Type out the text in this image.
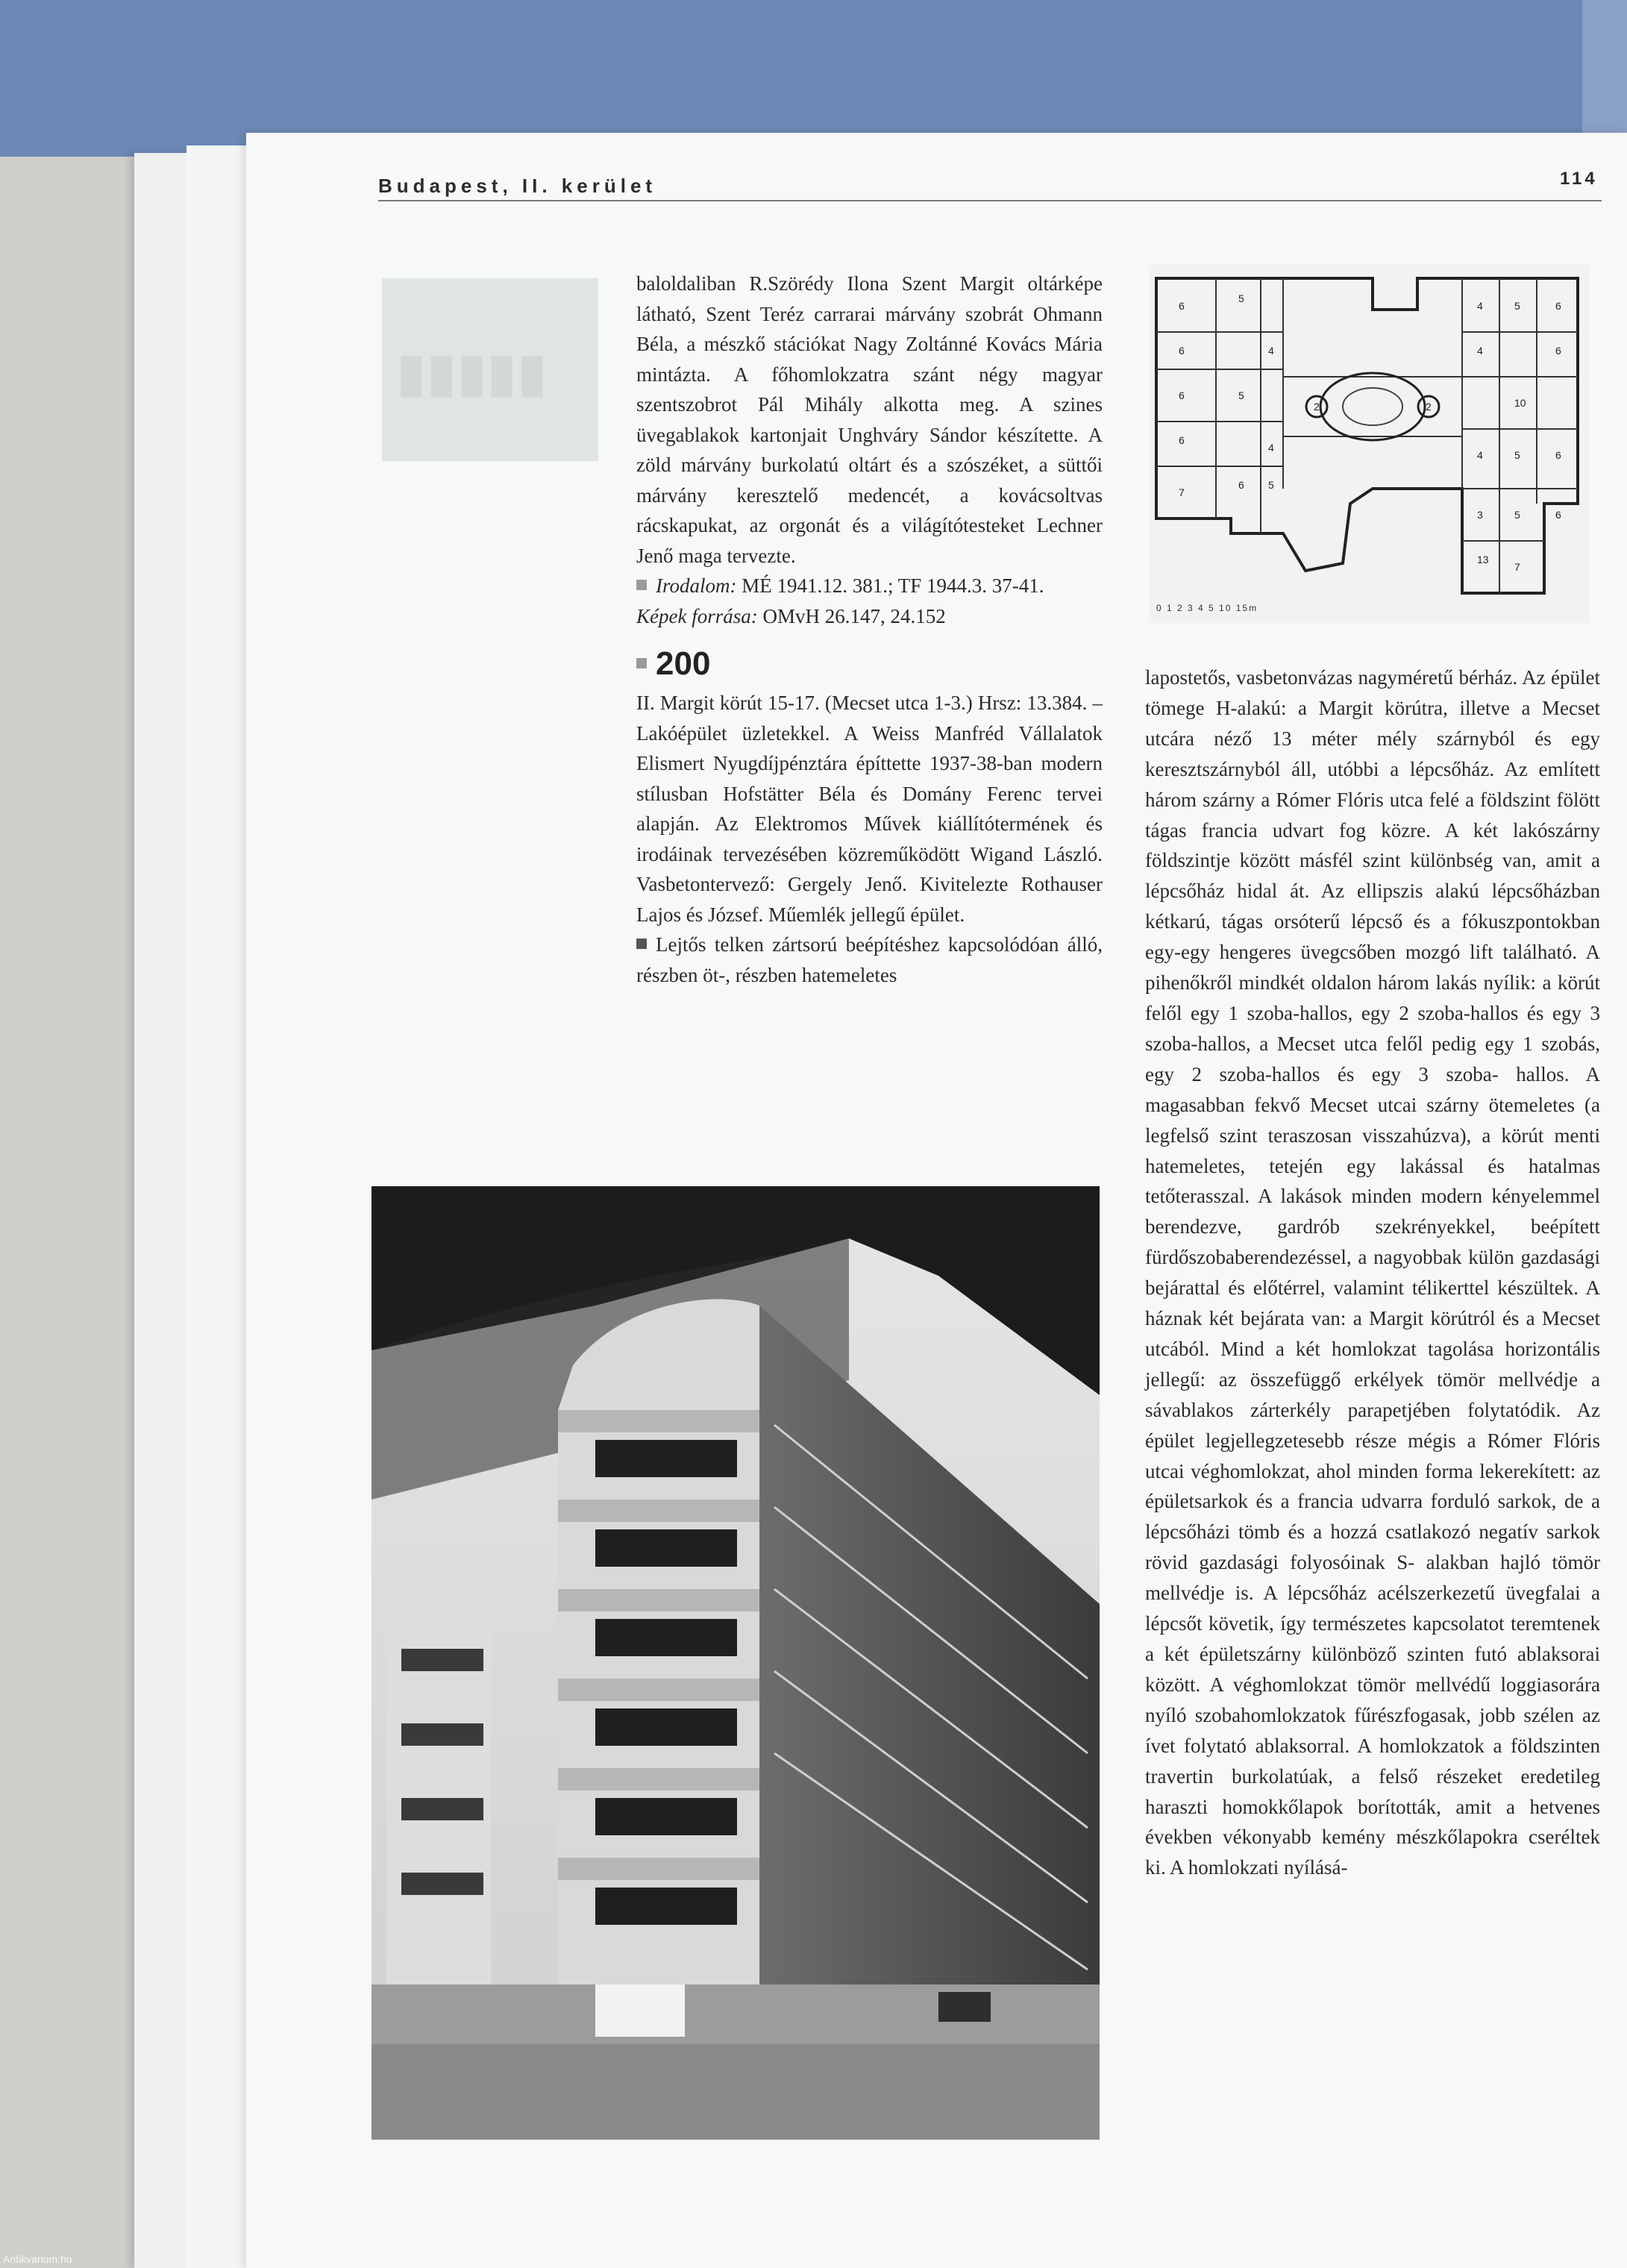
Budapest, II. kerület	114
▮▮▮▮▮

baloldaliban R.Szörédy Ilona Szent Margit oltárképe látható, Szent Teréz carrarai márvány szobrát Ohmann Béla, a mészkő stációkat Nagy Zoltánné Kovács Mária mintázta. A főhomlokzatra szánt négy magyar szentszobrot Pál Mihály alkotta meg. A szines üvegablakok kartonjait Unghváry Sándor készítette. A zöld márvány burkolatú oltárt és a szószéket, a süttői márvány keresztelő medencét, a kovácsoltvas rácskapukat, az orgonát és a világítótesteket Lechner Jenő maga tervezte.

Irodalom: MÉ 1941.12. 381.; TF 1944.3. 37-41.

Képek forrása: OMvH 26.147, 24.152

200

II. Margit körút 15-17. (Mecset utca 1-3.) Hrsz: 13.384. – Lakóépület üzletekkel. A Weiss Manfréd Vállalatok Elismert Nyugdíjpénztára építtette 1937-38-ban modern stílusban Hofstätter Béla és Domány Ferenc tervei alapján. Az Elektromos Művek kiállítótermének és irodáinak tervezésében közreműködött Wigand László. Vasbetontervező: Gergely Jenő. Kivitelezte Rothauser Lajos és József. Műemlék jellegű épület.

Lejtős telken zártsorú beépítéshez kapcsolódóan álló, részben öt-, részben hatemeletes

6
5
6	4
6	5
6
4
7
2	2
6 5
4	5	6
4	6
10
4	5	6
5	6
13
7
3
0 1 2 3 4 5 10 15m

lapostetős, vasbetonvázas nagyméretű bérház. Az épület tömege H-alakú: a Margit körútra, illetve a Mecset utcára néző 13 méter mély szárnyból és egy keresztszárnyból áll, utóbbi a lépcsőház. Az említett három szárny a Rómer Flóris utca felé a földszint fölött tágas francia udvart fog közre. A két lakószárny földszintje között másfél szint különbség van, amit a lépcsőház hidal át. Az ellipszis alakú lépcsőházban kétkarú, tágas orsóterű lépcső és a fókuszpontokban egy-egy hengeres üvegcsőben mozgó lift található. A pihenőkről mindkét oldalon három lakás nyílik: a körút felől egy 1 szoba-hallos, egy 2 szoba-hallos és egy 3 szoba-hallos, a Mecset utca felől pedig egy 1 szobás, egy 2 szoba-hallos és egy 3 szoba- hallos. A magasabban fekvő Mecset utcai szárny ötemeletes (a legfelső szint teraszosan visszahúzva), a körút menti hatemeletes, tetején egy lakással és hatalmas tetőterasszal. A lakások minden modern kényelemmel berendezve, gardrób szekrényekkel, beépített fürdőszobaberendezéssel, a nagyobbak külön gazdasági bejárattal és előtérrel, valamint télikerttel készültek. A háznak két bejárata van: a Margit körútról és a Mecset utcából. Mind a két homlokzat tagolása horizontális jellegű: az összefüggő erkélyek tömör mellvédje a sávablakos zárterkély parapetjében folytatódik. Az épület legjellegzetesebb része mégis a Rómer Flóris utcai véghomlokzat, ahol minden forma lekerekített: az épületsarkok és a francia udvarra forduló sarkok, de a lépcsőházi tömb és a hozzá csatlakozó negatív sarkok rövid gazdasági folyosóinak S- alakban hajló tömör mellvédje is. A lépcsőház acélszerkezetű üvegfalai a lépcsőt követik, így természetes kapcsolatot teremtenek a két épületszárny különböző szinten futó ablaksorai között. A véghomlokzat tömör mellvédű loggiasorára nyíló szobahomlokzatok fűrészfogasak, jobb szélen az ívet folytató ablaksorral. A homlokzatok a földszinten travertin burkolatúak, a felső részeket eredetileg haraszti homokkőlapok borították, amit a hetvenes években vékonyabb kemény mészkőlapokra cseréltek ki. A homlokzati nyílásá-

Antikvarium.hu
